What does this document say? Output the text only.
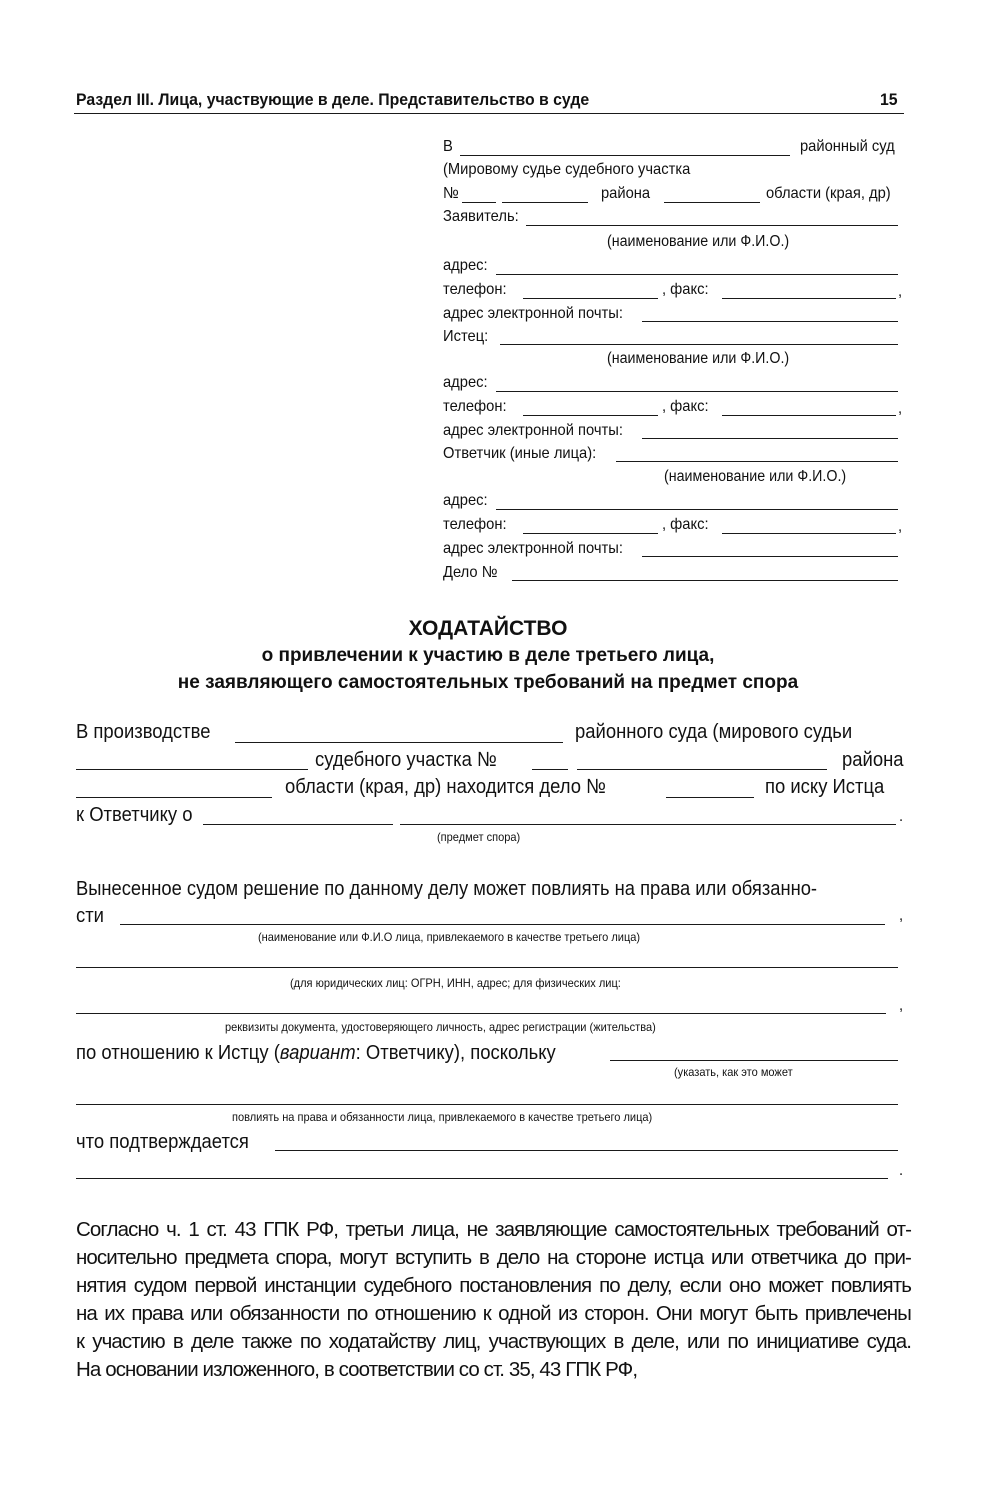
Раздел III. Лица, участвующие в деле. Представительство в суде	15
В	районный суд
(Мировому судье судебного участка
№	района	области (края, др)
Заявитель:
(наименование или Ф.И.О.)
адрес:
телефон:	, факс:	,
адрес электронной почты:
Истец:
(наименование или Ф.И.О.)
адрес:
телефон:	, факс:	,
адрес электронной почты:
Ответчик (иные лица):
(наименование или Ф.И.О.)
адрес:
телефон:	, факс:	,
адрес электронной почты:
Дело №
ХОДАТАЙСТВО
о привлечении к участию в деле третьего лица,
не заявляющего самостоятельных требований на предмет спора
В производстве	районного суда (мирового судьи
судебного участка №	района
области (края, др) находится дело №	по иску Истца
к Ответчику о	.
(предмет спора)
Вынесенное судом решение по данному делу может повлиять на права или обязанно-
сти	,
(наименование или Ф.И.О лица, привлекаемого в качестве третьего лица)
(для юридических лиц: ОГРН, ИНН, адрес; для физических лиц:
,
реквизиты документа, удостоверяющего личность, адрес регистрации (жительства)
по отношению к Истцу (вариант: Ответчику), поскольку
(указать, как это может
повлиять на права и обязанности лица, привлекаемого в качестве третьего лица)
что подтверждается
.
Согласно ч. 1 ст. 43 ГПК РФ, третьи лица, не заявляющие самостоятельных требований от-
носительно предмета спора, могут вступить в дело на стороне истца или ответчика до при-
нятия судом первой инстанции судебного постановления по делу, если оно может повлиять
на их права или обязанности по отношению к одной из сторон. Они могут быть привлечены
к участию в деле также по ходатайству лиц, участвующих в деле, или по инициативе суда.
На основании изложенного, в соответствии со ст. 35, 43 ГПК РФ,
